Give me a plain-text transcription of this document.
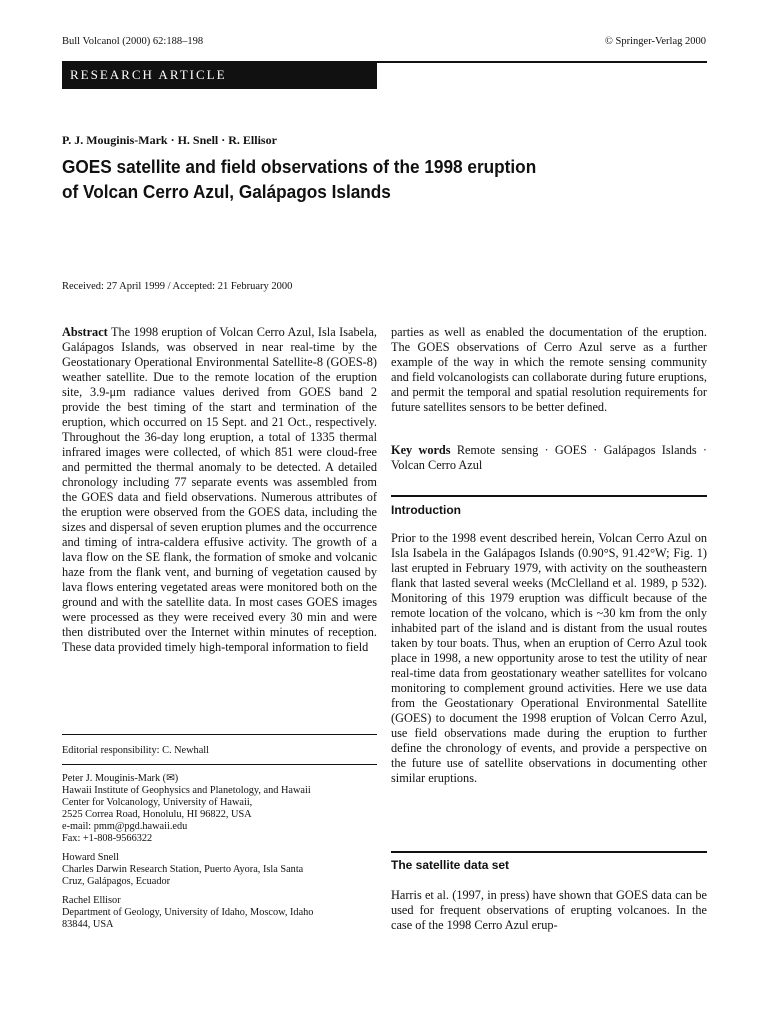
Bull Volcanol (2000) 62:188–198	© Springer-Verlag 2000
RESEARCH ARTICLE
P. J. Mouginis-Mark · H. Snell · R. Ellisor
GOES satellite and field observations of the 1998 eruption
of Volcan Cerro Azul, Galápagos Islands
Received: 27 April 1999 / Accepted: 21 February 2000

Abstract The 1998 eruption of Volcan Cerro Azul, Isla Isabela, Galápagos Islands, was observed in near real-time by the Geostationary Operational Environmental Satellite-8 (GOES-8) weather satellite. Due to the remote location of the eruption site, 3.9-μm radiance values derived from GOES band 2 provide the best timing of the start and termination of the eruption, which occurred on 15 Sept. and 21 Oct., respectively. Throughout the 36-day long eruption, a total of 1335 thermal infrared images were collected, of which 851 were cloud-free and permitted the thermal anomaly to be detected. A detailed chronology including 77 separate events was assembled from the GOES data and field observations. Numerous attributes of the eruption were observed from the GOES data, including the sizes and dispersal of seven eruption plumes and the occurrence and timing of intra-caldera effusive activity. The growth of a lava flow on the SE flank, the formation of smoke and volcanic haze from the flank vent, and burning of vegetation caused by lava flows entering vegetated areas were monitored both on the ground and with the satellite data. In most cases GOES images were processed as they were received every 30 min and were then distributed over the Internet within minutes of reception. These data provided timely high-temporal information to field

Editorial responsibility: C. Newhall
Peter J. Mouginis-Mark (✉)
Hawaii Institute of Geophysics and Planetology, and Hawaii
Center for Volcanology, University of Hawaii,
2525 Correa Road, Honolulu, HI 96822, USA
e-mail: pmm@pgd.hawaii.edu
Fax: +1-808-9566322
Howard Snell
Charles Darwin Research Station, Puerto Ayora, Isla Santa
Cruz, Galápagos, Ecuador
Rachel Ellisor
Department of Geology, University of Idaho, Moscow, Idaho
83844, USA

parties as well as enabled the documentation of the eruption. The GOES observations of Cerro Azul serve as a further example of the way in which the remote sensing community and field volcanologists can collaborate during future eruptions, and permit the temporal and spatial resolution requirements for future satellites sensors to be better defined.

Key words Remote sensing · GOES · Galápagos Islands · Volcan Cerro Azul

Introduction

Prior to the 1998 event described herein, Volcan Cerro Azul on Isla Isabela in the Galápagos Islands (0.90°S, 91.42°W; Fig. 1) last erupted in February 1979, with activity on the southeastern flank that lasted several weeks (McClelland et al. 1989, p 532). Monitoring of this 1979 eruption was difficult because of the remote location of the volcano, which is ~30 km from the only inhabited part of the island and is distant from the usual routes taken by tour boats. Thus, when an eruption of Cerro Azul took place in 1998, a new opportunity arose to test the utility of near real-time data from geostationary weather satellites for volcano monitoring to complement ground activities. Here we use data from the Geostationary Operational Environmental Satellite (GOES) to document the 1998 eruption of Volcan Cerro Azul, use field observations made during the eruption to further define the chronology of events, and provide a perspective on the future use of satellite observations in documenting other similar eruptions.

The satellite data set

Harris et al. (1997, in press) have shown that GOES data can be used for frequent observations of erupting volcanoes. In the case of the 1998 Cerro Azul erup-
